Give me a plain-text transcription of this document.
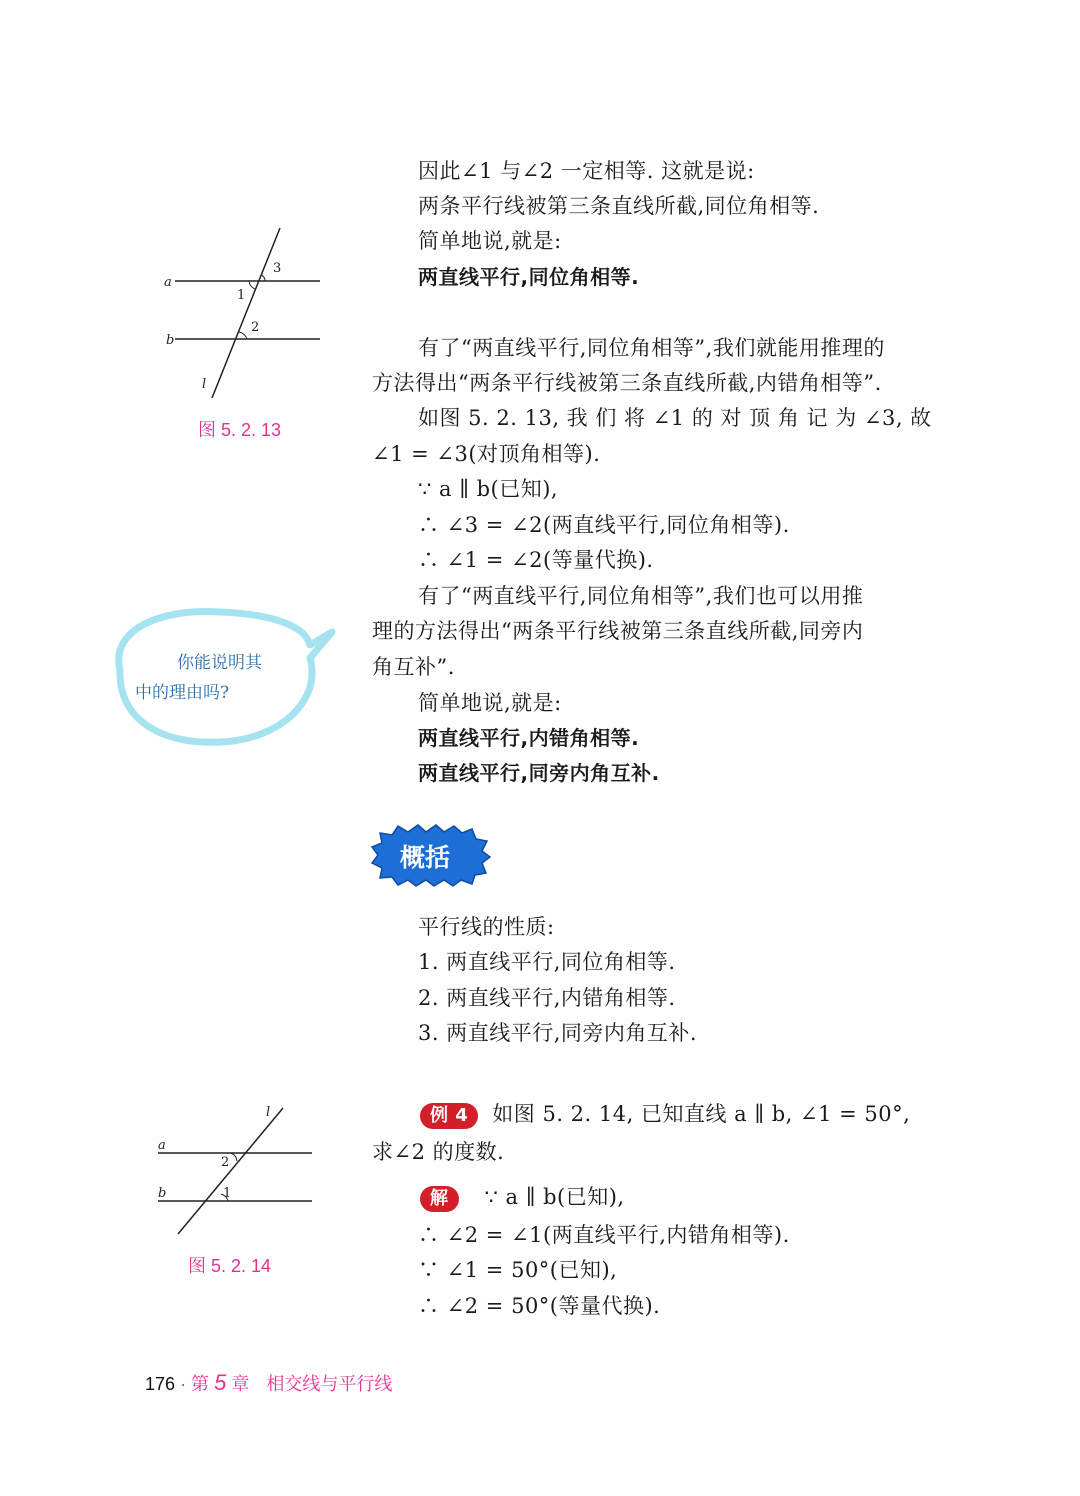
a
b
l
1
3
2
图 5. 2. 13
因此∠1 与∠2 一定相等. 这就是说:
两条平行线被第三条直线所截,同位角相等.
简单地说,就是:
两直线平行,同位角相等.
有了“两直线平行,同位角相等”,我们就能用推理的
方法得出“两条平行线被第三条直线所截,内错角相等”.
如图 5. 2. 13, 我 们 将 ∠1 的 对 顶 角 记 为 ∠3, 故
∠1 = ∠3(对顶角相等).
∵ a ∥ b(已知),
∴ ∠3 = ∠2(两直线平行,同位角相等).
∴ ∠1 = ∠2(等量代换).
有了“两直线平行,同位角相等”,我们也可以用推
理的方法得出“两条平行线被第三条直线所截,同旁内
角互补”.
简单地说,就是:
两直线平行,内错角相等.
两直线平行,同旁内角互补.
你能说明其
中的理由吗?
概括
平行线的性质:
1. 两直线平行,同位角相等.
2. 两直线平行,内错角相等.
3. 两直线平行,同旁内角互补.
a
b
l
2
1
图 5. 2. 14
例 4 如图 5. 2. 14, 已知直线 a ∥ b, ∠1 = 50°,
求∠2 的度数.
解 ∵ a ∥ b(已知),
∴ ∠2 = ∠1(两直线平行,内错角相等).
∵ ∠1 = 50°(已知),
∴ ∠2 = 50°(等量代换).
176 · 第 5 章 相交线与平行线
